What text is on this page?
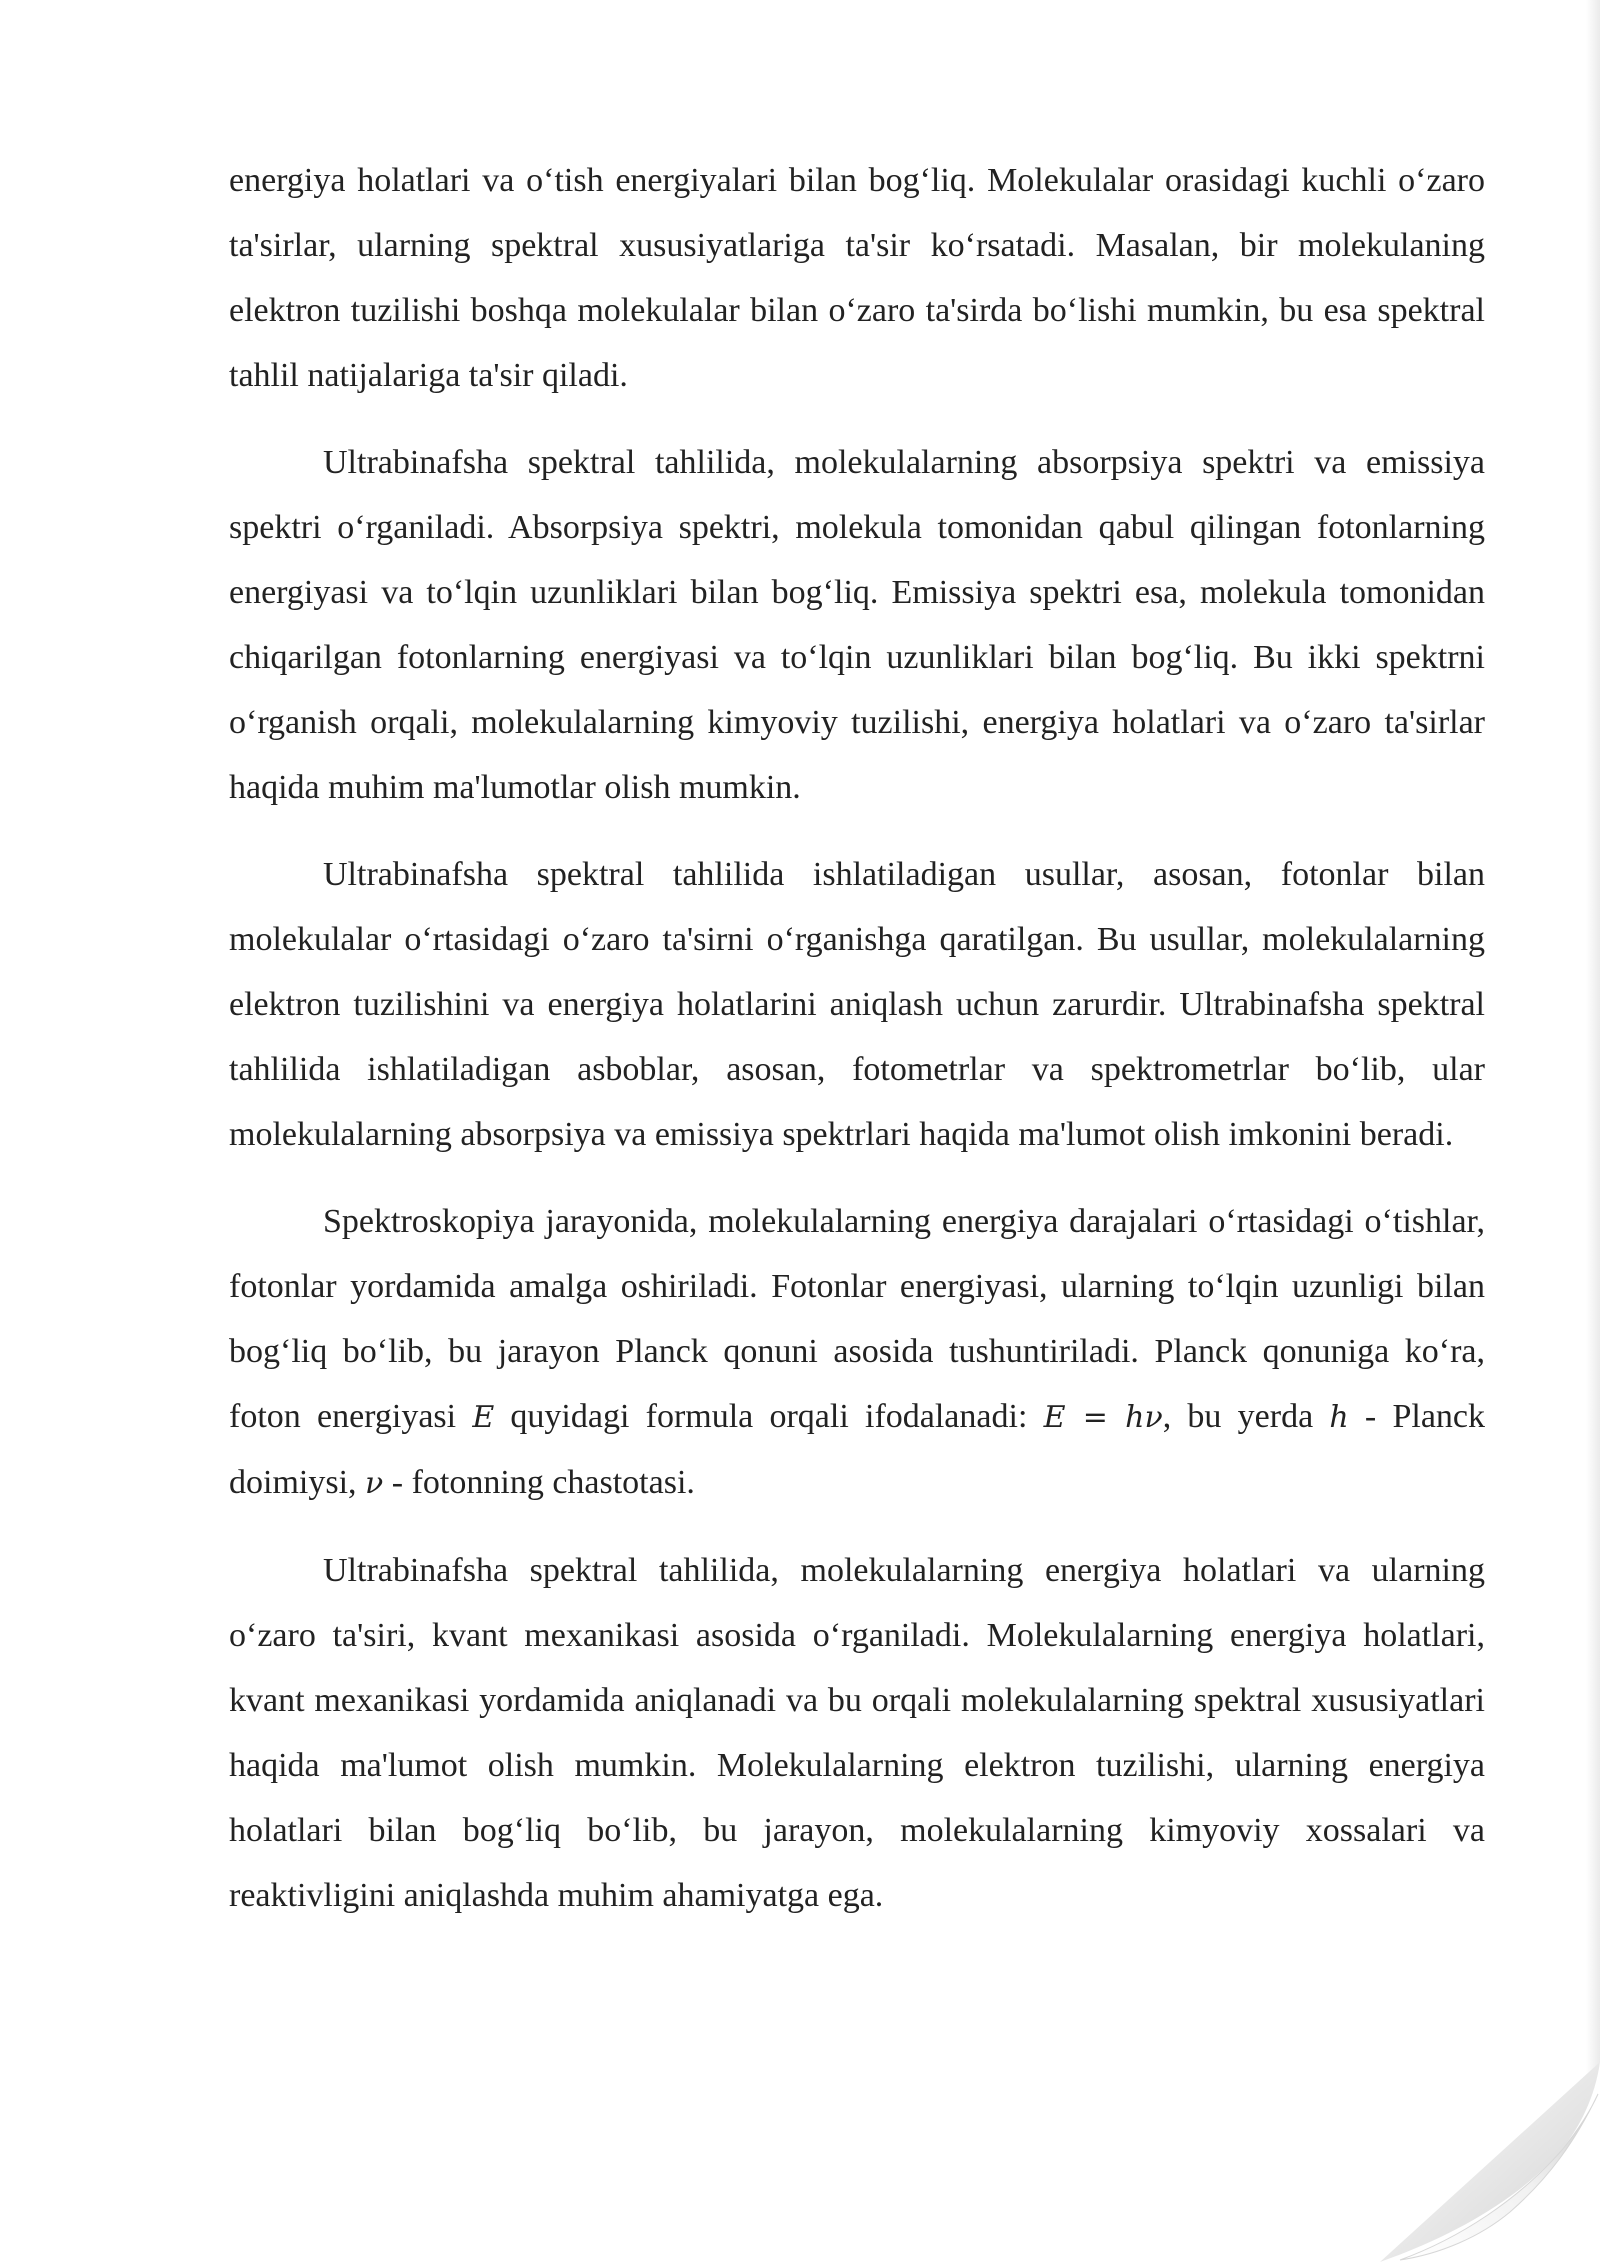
energiya holatlari va o‘tish energiyalari bilan bog‘liq. Molekulalar orasidagi kuchli o‘zaro ta'sirlar, ularning spektral xususiyatlariga ta'sir ko‘rsatadi. Masalan, bir molekulaning elektron tuzilishi boshqa molekulalar bilan o‘zaro ta'sirda bo‘lishi mumkin, bu esa spektral tahlil natijalariga ta'sir qiladi.

Ultrabinafsha spektral tahlilida, molekulalarning absorpsiya spektri va emissiya spektri o‘rganiladi. Absorpsiya spektri, molekula tomonidan qabul qilingan fotonlarning energiyasi va to‘lqin uzunliklari bilan bog‘liq. Emissiya spektri esa, molekula tomonidan chiqarilgan fotonlarning energiyasi va to‘lqin uzunliklari bilan bog‘liq. Bu ikki spektrni o‘rganish orqali, molekulalarning kimyoviy tuzilishi, energiya holatlari va o‘zaro ta'sirlar haqida muhim ma'lumotlar olish mumkin.

Ultrabinafsha spektral tahlilida ishlatiladigan usullar, asosan, fotonlar bilan molekulalar o‘rtasidagi o‘zaro ta'sirni o‘rganishga qaratilgan. Bu usullar, molekulalarning elektron tuzilishini va energiya holatlarini aniqlash uchun zarurdir. Ultrabinafsha spektral tahlilida ishlatiladigan asboblar, asosan, fotometrlar va spektrometrlar bo‘lib, ular molekulalarning absorpsiya va emissiya spektrlari haqida ma'lumot olish imkonini beradi.

Spektroskopiya jarayonida, molekulalarning energiya darajalari o‘rtasidagi o‘tishlar, fotonlar yordamida amalga oshiriladi. Fotonlar energiyasi, ularning to‘lqin uzunligi bilan bog‘liq bo‘lib, bu jarayon Planck qonuni asosida tushuntiriladi. Planck qonuniga ko‘ra, foton energiyasi E quyidagi formula orqali ifodalanadi: E = hν, bu yerda h - Planck doimiysi, ν - fotonning chastotasi.

Ultrabinafsha spektral tahlilida, molekulalarning energiya holatlari va ularning o‘zaro ta'siri, kvant mexanikasi asosida o‘rganiladi. Molekulalarning energiya holatlari, kvant mexanikasi yordamida aniqlanadi va bu orqali molekulalarning spektral xususiyatlari haqida ma'lumot olish mumkin. Molekulalarning elektron tuzilishi, ularning energiya holatlari bilan bog‘liq bo‘lib, bu jarayon, molekulalarning kimyoviy xossalari va reaktivligini aniqlashda muhim ahamiyatga ega.
